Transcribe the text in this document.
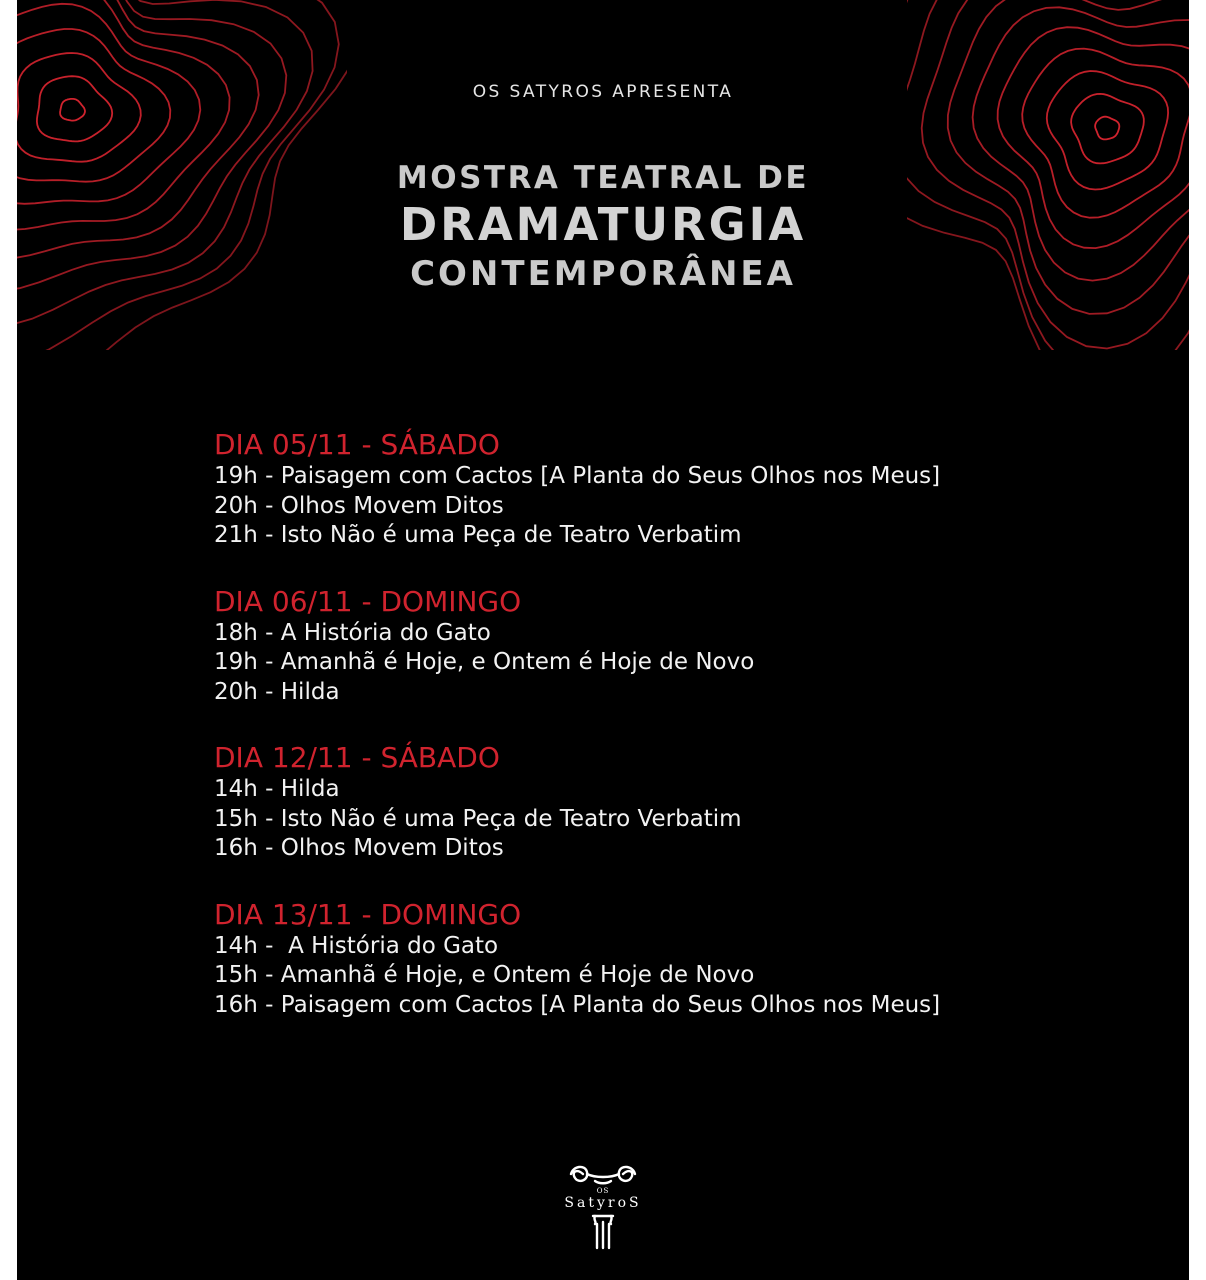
OS SATYROS APRESENTA

MOSTRA TEATRAL DE
DRAMATURGIA
CONTEMPORÂNEA

DIA 05/11 - SÁBADO

19h - Paisagem com Cactos [A Planta do Seus Olhos nos Meus]

20h - Olhos Movem Ditos

21h - Isto Não é uma Peça de Teatro Verbatim

DIA 06/11 - DOMINGO

18h - A História do Gato

19h - Amanhã é Hoje, e Ontem é Hoje de Novo

20h - Hilda

DIA 12/11 - SÁBADO

14h - Hilda

15h - Isto Não é uma Peça de Teatro Verbatim

16h - Olhos Movem Ditos

DIA 13/11 - DOMINGO

14h -  A História do Gato

15h - Amanhã é Hoje, e Ontem é Hoje de Novo

16h - Paisagem com Cactos [A Planta do Seus Olhos nos Meus]

OS
SatyroS
